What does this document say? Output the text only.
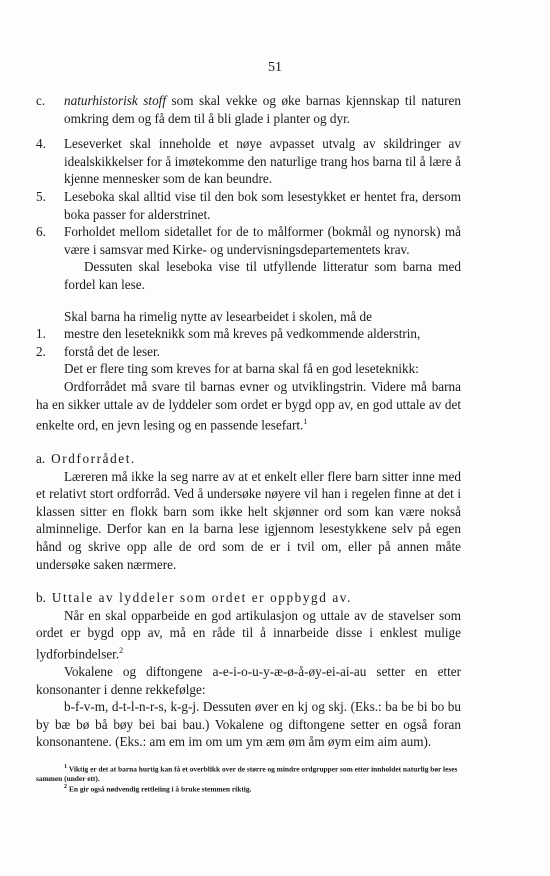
51

c. naturhistorisk stoff som skal vekke og øke barnas kjennskap til naturen omkring dem og få dem til å bli glade i planter og dyr.

4. Leseverket skal inneholde et nøye avpasset utvalg av skildringer av idealskikkelser for å imøtekomme den naturlige trang hos barna til å lære å kjenne mennesker som de kan beundre.

5. Leseboka skal alltid vise til den bok som lesestykket er hentet fra, dersom boka passer for alderstrinet.

6. Forholdet mellom sidetallet for de to målformer (bokmål og nynorsk) må være i samsvar med Kirke- og undervisningsdepartementets krav.

Dessuten skal leseboka vise til utfyllende litteratur som barna med fordel kan lese.

Skal barna ha rimelig nytte av lesearbeidet i skolen, må de

1. mestre den leseteknikk som må kreves på vedkommende alderstrin,

2. forstå det de leser.

Det er flere ting som kreves for at barna skal få en god leseteknikk:

Ordforrådet må svare til barnas evner og utviklingstrin. Videre må barna ha en sikker uttale av de lyddeler som ordet er bygd opp av, en god uttale av det enkelte ord, en jevn lesing og en passende lesefart.$^1$

a. Ordforrådet.

Læreren må ikke la seg narre av at et enkelt eller flere barn sitter inne med et relativt stort ordforråd. Ved å undersøke nøyere vil han i regelen finne at det i klassen sitter en flokk barn som ikke helt skjønner ord som kan være nokså alminnelige. Derfor kan en la barna lese igjennom lesestykkene selv på egen hånd og skrive opp alle de ord som de er i tvil om, eller på annen måte undersøke saken nærmere.

b. Uttale av lyddeler som ordet er oppbygd av.

Når en skal opparbeide en god artikulasjon og uttale av de stavelser som ordet er bygd opp av, må en råde til å innarbeide disse i enklest mulige lydforbindelser.$^2$

Vokalene og diftongene a-e-i-o-u-y-æ-ø-å-øy-ei-ai-au setter en etter konsonanter i denne rekkefølge:

b-f-v-m, d-t-l-n-r-s, k-g-j. Dessuten øver en kj og skj. (Eks.: ba be bi bo bu by bæ bø bå bøy bei bai bau.) Vokalene og diftongene setter en også foran konsonantene. (Eks.: am em im om um ym æm øm åm øym eim aim aum).

$^1$ Viktig er det at barna hurtig kan få et overblikk over de større og mindre ordgrupper som etter innholdet naturlig bør leses sammen (under ett).

$^2$ En gir også nødvendig rettleiing i å bruke stemmen riktig.
